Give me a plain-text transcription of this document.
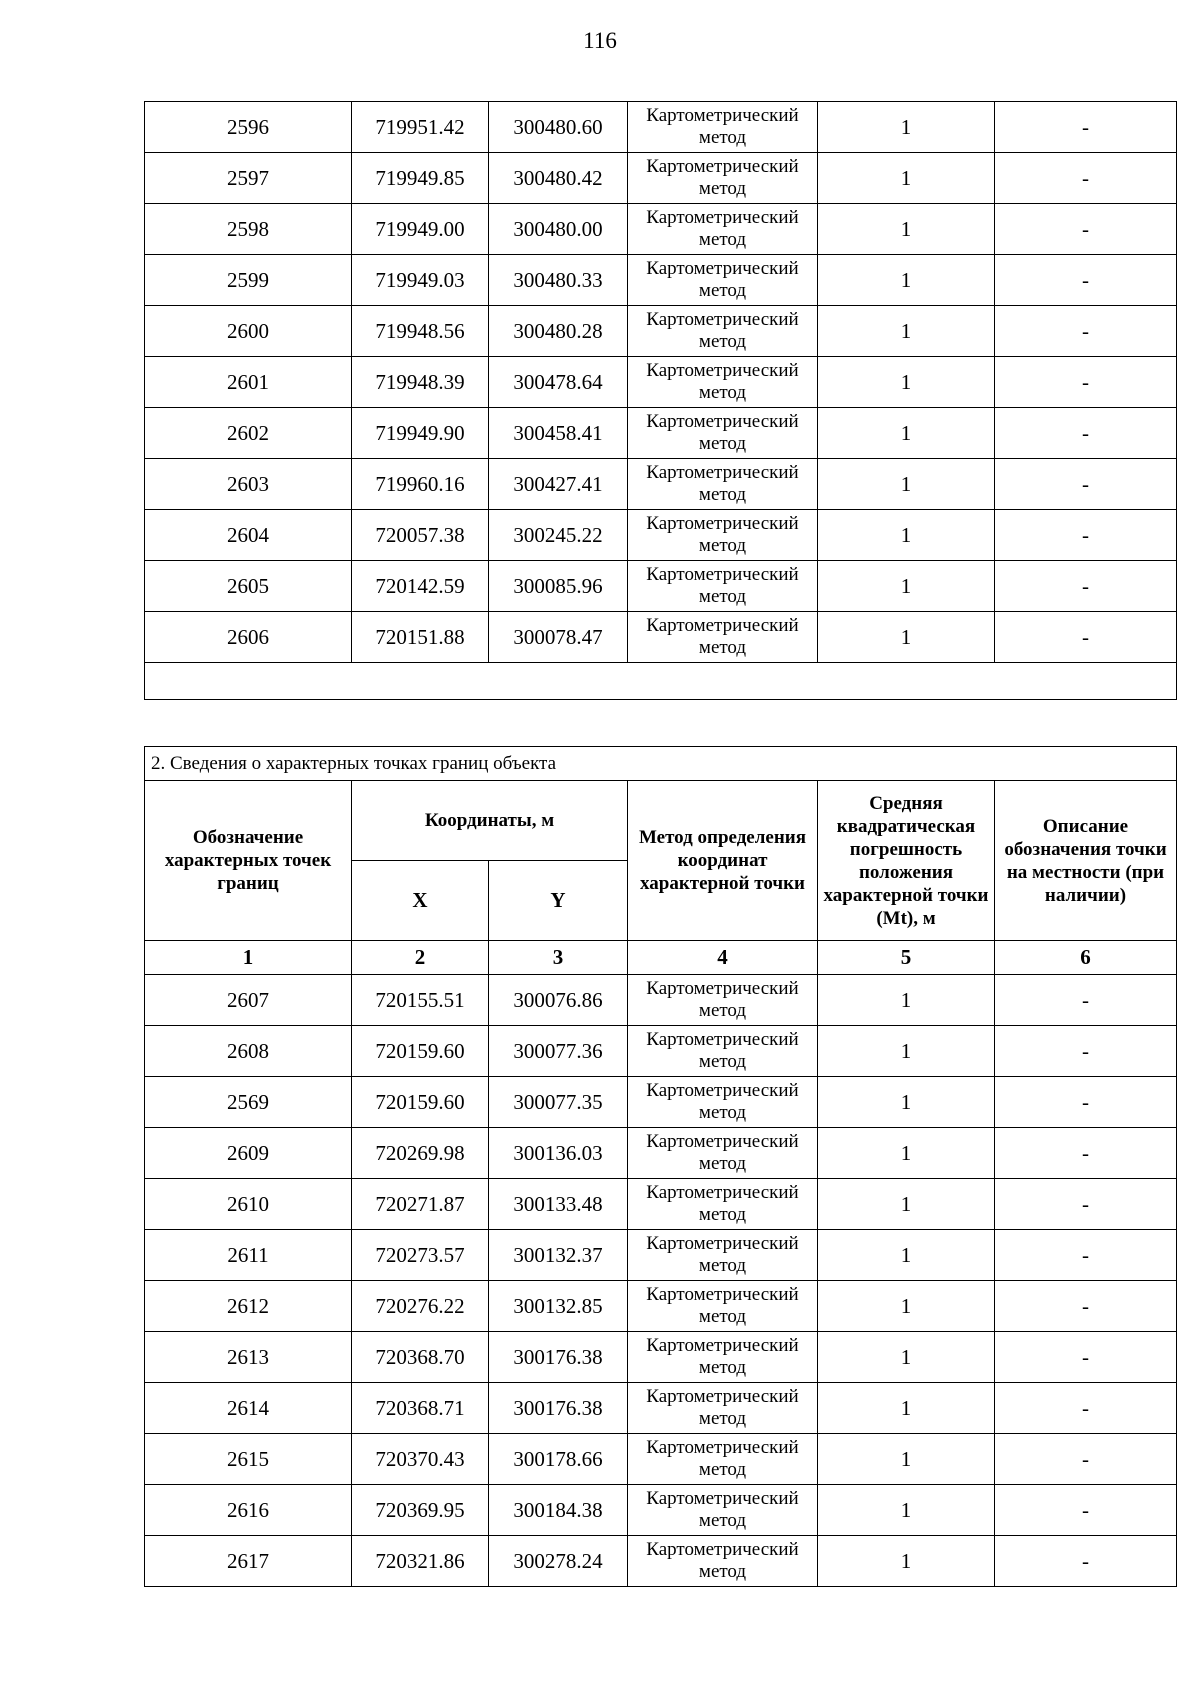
116
2596	719951.42	300480.60	Картометрический метод	1	-
2597	719949.85	300480.42	Картометрический метод	1	-
2598	719949.00	300480.00	Картометрический метод	1	-
2599	719949.03	300480.33	Картометрический метод	1	-
2600	719948.56	300480.28	Картометрический метод	1	-
2601	719948.39	300478.64	Картометрический метод	1	-
2602	719949.90	300458.41	Картометрический метод	1	-
2603	719960.16	300427.41	Картометрический метод	1	-
2604	720057.38	300245.22	Картометрический метод	1	-
2605	720142.59	300085.96	Картометрический метод	1	-
2606	720151.88	300078.47	Картометрический метод	1	-

2. Сведения о характерных точках границ объекта					
Обозначение характерных точек границ	Координаты, м		Метод определения координат характерной точки	Средняя квадратическая погрешность положения характерной точки (Mt), м	Описание обозначения точки на местности (при наличии)
	X	Y			
1	2	3	4	5	6
2607	720155.51	300076.86	Картометрический метод	1	-
2608	720159.60	300077.36	Картометрический метод	1	-
2569	720159.60	300077.35	Картометрический метод	1	-
2609	720269.98	300136.03	Картометрический метод	1	-
2610	720271.87	300133.48	Картометрический метод	1	-
2611	720273.57	300132.37	Картометрический метод	1	-
2612	720276.22	300132.85	Картометрический метод	1	-
2613	720368.70	300176.38	Картометрический метод	1	-
2614	720368.71	300176.38	Картометрический метод	1	-
2615	720370.43	300178.66	Картометрический метод	1	-
2616	720369.95	300184.38	Картометрический метод	1	-
2617	720321.86	300278.24	Картометрический метод	1	-
